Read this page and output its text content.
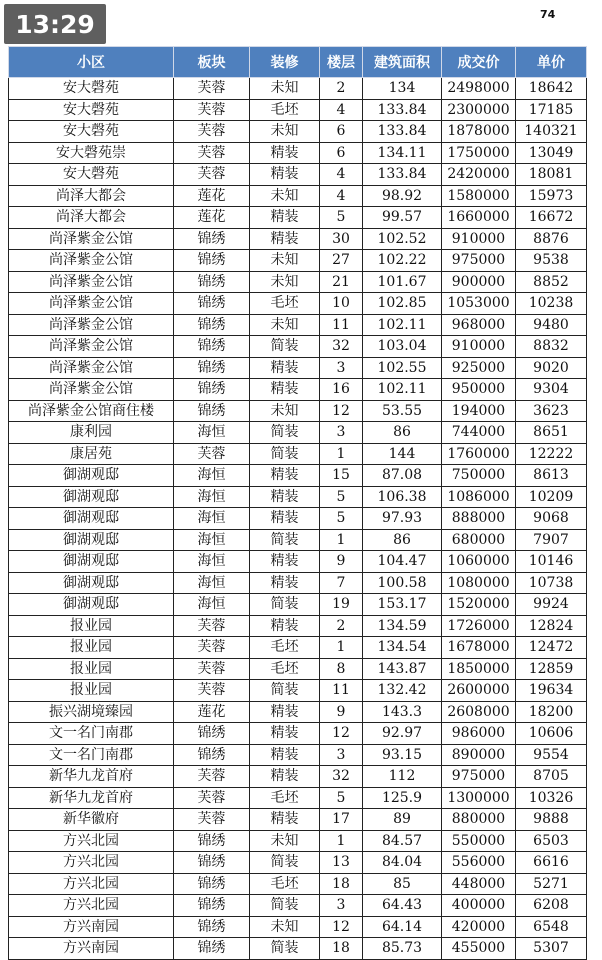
13:29	74
小区	板块	装修	楼层	建筑面积	成交价	单价
安大磬苑	芙蓉	未知	2	134	2498000	18642
安大磬苑	芙蓉	毛坯	4	133.84	2300000	17185
安大磬苑	芙蓉	未知	6	133.84	1878000	140321
安大磬苑崇	芙蓉	精装	6	134.11	1750000	13049
安大磬苑	芙蓉	精装	4	133.84	2420000	18081
尚泽大都会	莲花	未知	4	98.92	1580000	15973
尚泽大都会	莲花	精装	5	99.57	1660000	16672
尚泽紫金公馆	锦绣	精装	30	102.52	910000	8876
尚泽紫金公馆	锦绣	未知	27	102.22	975000	9538
尚泽紫金公馆	锦绣	未知	21	101.67	900000	8852
尚泽紫金公馆	锦绣	毛坯	10	102.85	1053000	10238
尚泽紫金公馆	锦绣	未知	11	102.11	968000	9480
尚泽紫金公馆	锦绣	简装	32	103.04	910000	8832
尚泽紫金公馆	锦绣	精装	3	102.55	925000	9020
尚泽紫金公馆	锦绣	精装	16	102.11	950000	9304
尚泽紫金公馆商住楼	锦绣	未知	12	53.55	194000	3623
康利园	海恒	简装	3	86	744000	8651
康居苑	芙蓉	简装	1	144	1760000	12222
御湖观邸	海恒	精装	15	87.08	750000	8613
御湖观邸	海恒	精装	5	106.38	1086000	10209
御湖观邸	海恒	精装	5	97.93	888000	9068
御湖观邸	海恒	简装	1	86	680000	7907
御湖观邸	海恒	精装	9	104.47	1060000	10146
御湖观邸	海恒	精装	7	100.58	1080000	10738
御湖观邸	海恒	简装	19	153.17	1520000	9924
报业园	芙蓉	精装	2	134.59	1726000	12824
报业园	芙蓉	毛坯	1	134.54	1678000	12472
报业园	芙蓉	毛坯	8	143.87	1850000	12859
报业园	芙蓉	简装	11	132.42	2600000	19634
振兴湖境臻园	莲花	精装	9	143.3	2608000	18200
文一名门南郡	锦绣	精装	12	92.97	986000	10606
文一名门南郡	锦绣	精装	3	93.15	890000	9554
新华九龙首府	芙蓉	精装	32	112	975000	8705
新华九龙首府	芙蓉	毛坯	5	125.9	1300000	10326
新华徽府	芙蓉	精装	17	89	880000	9888
方兴北园	锦绣	未知	1	84.57	550000	6503
方兴北园	锦绣	简装	13	84.04	556000	6616
方兴北园	锦绣	毛坯	18	85	448000	5271
方兴北园	锦绣	简装	3	64.43	400000	6208
方兴南园	锦绣	未知	12	64.14	420000	6548
方兴南园	锦绣	简装	18	85.73	455000	5307
